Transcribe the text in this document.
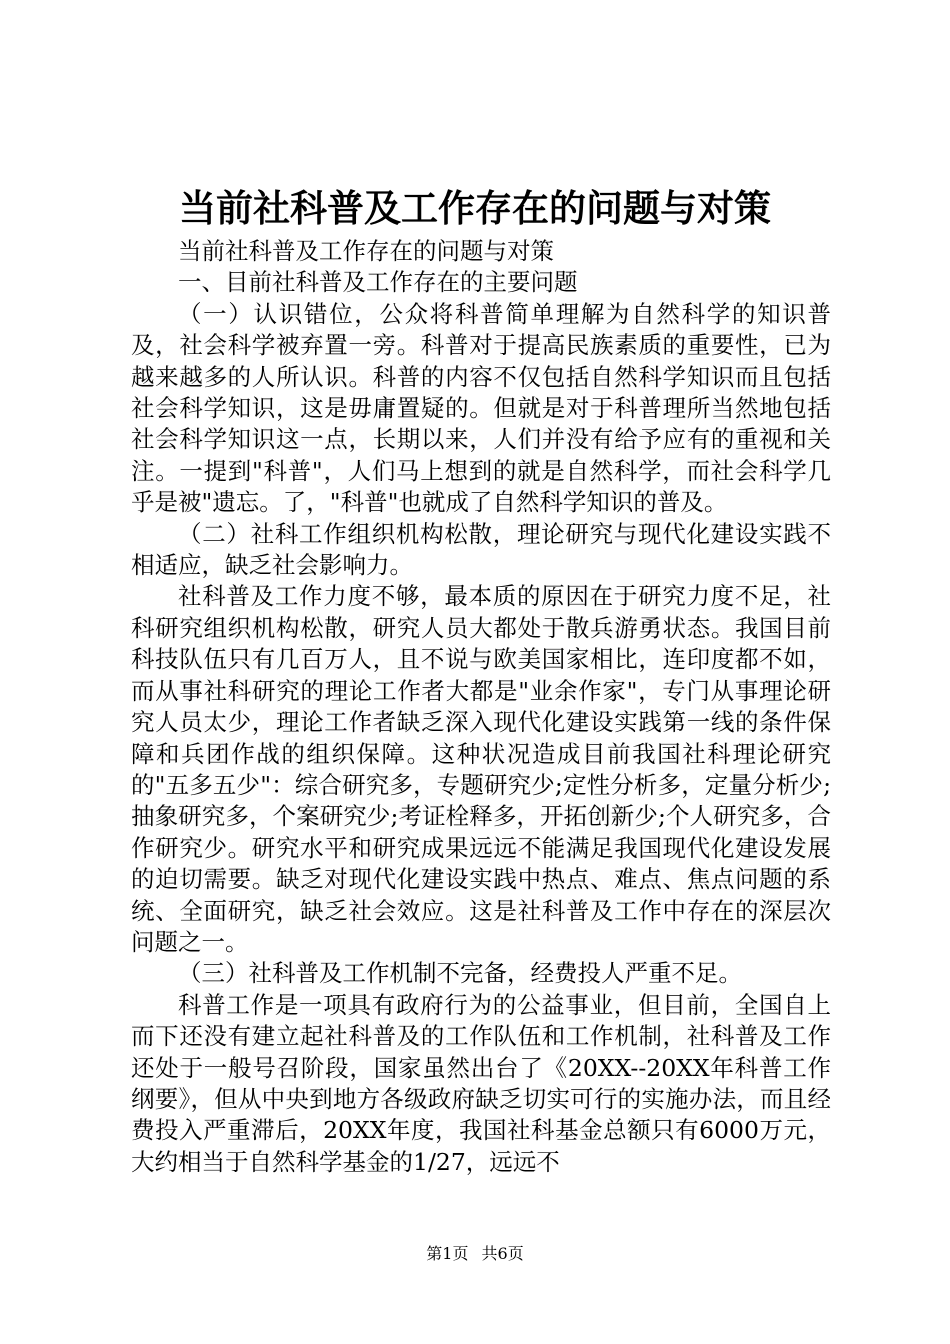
当前社科普及工作存在的问题与对策

当前社科普及工作存在的问题与对策

一、目前社科普及工作存在的主要问题

（一）认识错位，公众将科普简单理解为自然科学的知识普及，社会科学被弃置一旁。科普对于提高民族素质的重要性，已为越来越多的人所认识。科普的内容不仅包括自然科学知识而且包括社会科学知识，这是毋庸置疑的。但就是对于科普理所当然地包括社会科学知识这一点，长期以来，人们并没有给予应有的重视和关注。一提到"科普"，人们马上想到的就是自然科学，而社会科学几乎是被"遗忘。了，"科普"也就成了自然科学知识的普及。

（二）社科工作组织机构松散，理论研究与现代化建设实践不相适应，缺乏社会影响力。

社科普及工作力度不够，最本质的原因在于研究力度不足，社科研究组织机构松散，研究人员大都处于散兵游勇状态。我国目前科技队伍只有几百万人，且不说与欧美国家相比，连印度都不如，而从事社科研究的理论工作者大都是"业余作家"，专门从事理论研究人员太少，理论工作者缺乏深入现代化建设实践第一线的条件保障和兵团作战的组织保障。这种状况造成目前我国社科理论研究的"五多五少"：综合研究多，专题研究少;定性分析多，定量分析少;抽象研究多，个案研究少;考证栓释多，开拓创新少;个人研究多，合作研究少。研究水平和研究成果远远不能满足我国现代化建设发展的迫切需要。缺乏对现代化建设实践中热点、难点、焦点问题的系统、全面研究，缺乏社会效应。这是社科普及工作中存在的深层次问题之一。

（三）社科普及工作机制不完备，经费投人严重不足。

科普工作是一项具有政府行为的公益事业，但目前，全国自上而下还没有建立起社科普及的工作队伍和工作机制，社科普及工作还处于一般号召阶段，国家虽然出台了《20XX--20XX年科普工作纲要》，但从中央到地方各级政府缺乏切实可行的实施办法，而且经费投入严重滞后，20XX年度，我国社科基金总额只有6000万元，大约相当于自然科学基金的1/27，远远不

第1页 共6页
